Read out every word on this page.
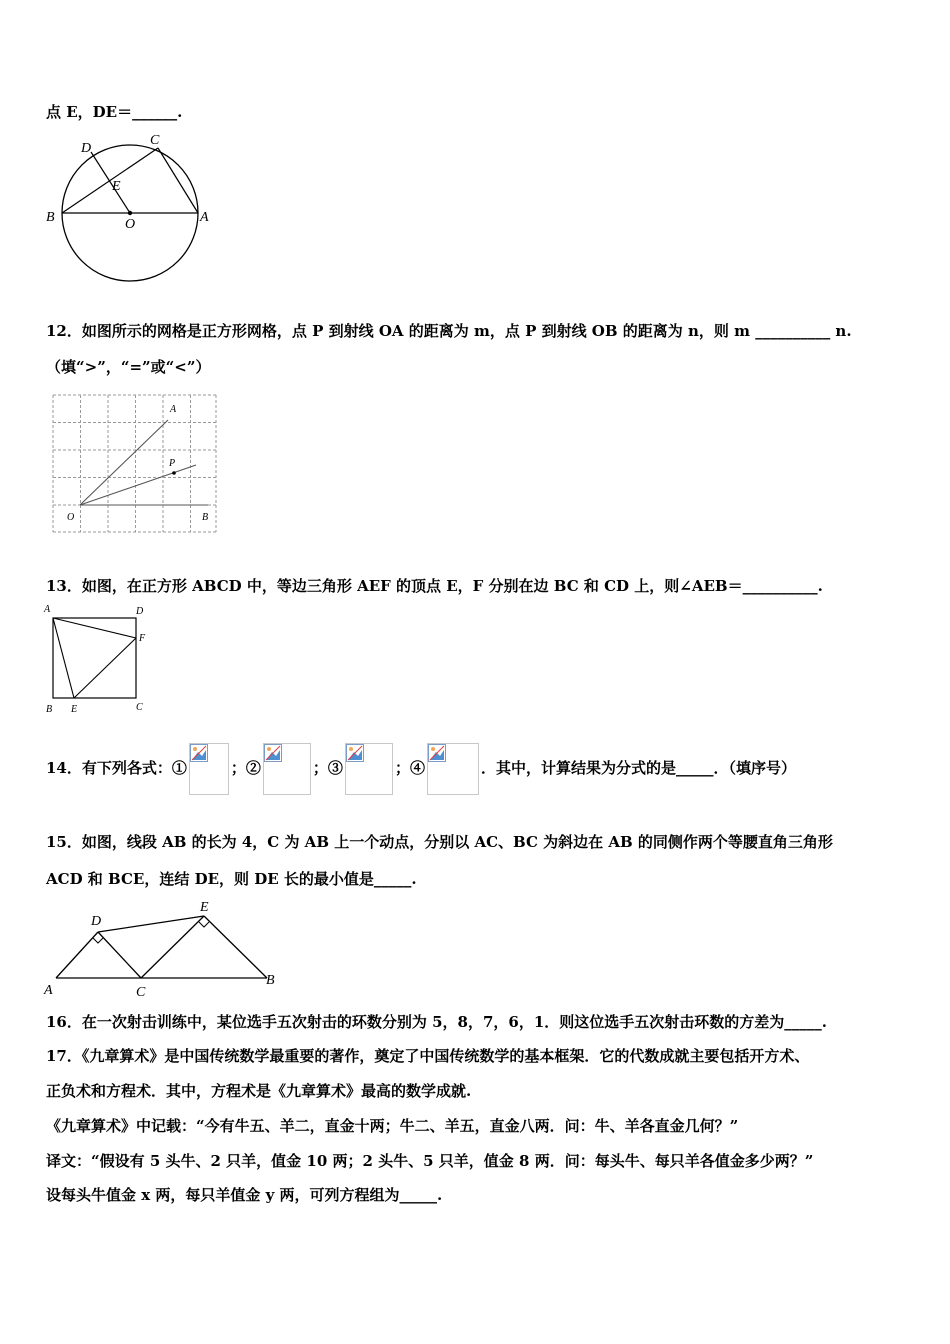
点 E，DE＝______.
D
C
E
B	O	A
12．如图所示的网格是正方形网格，点 P 到射线 OA 的距离为 m，点 P 到射线 OB 的距离为 n，则 m __________ n.
（填“>”，“=”或“<”）
A
P
O	B
13．如图，在正方形 ABCD 中，等边三角形 AEF 的顶点 E，F 分别在边 BC 和 CD 上，则∠AEB＝__________.
A	D
F
B E	C
14．有下列各式：①	；②	；③	；④	．其中，计算结果为分式的是_____．（填序号）
15．如图，线段 AB 的长为 4，C 为 AB 上一个动点，分别以 AC、BC 为斜边在 AB 的同侧作两个等腰直角三角形
ACD 和 BCE，连结 DE，则 DE 长的最小值是_____.
D
E
A	C
B
16．在一次射击训练中，某位选手五次射击的环数分别为 5，8，7，6，1．则这位选手五次射击环数的方差为_____.
17．《九章算术》是中国传统数学最重要的著作，奠定了中国传统数学的基本框架．它的代数成就主要包括开方术、
正负术和方程术．其中，方程术是《九章算术》最高的数学成就.
《九章算术》中记载：“今有牛五、羊二，直金十两；牛二、羊五，直金八两．问：牛、羊各直金几何？”
译文：“假设有 5 头牛、2 只羊，值金 10 两；2 头牛、5 只羊，值金 8 两．问：每头牛、每只羊各值金多少两？”
设每头牛值金 x 两，每只羊值金 y 两，可列方程组为_____.
